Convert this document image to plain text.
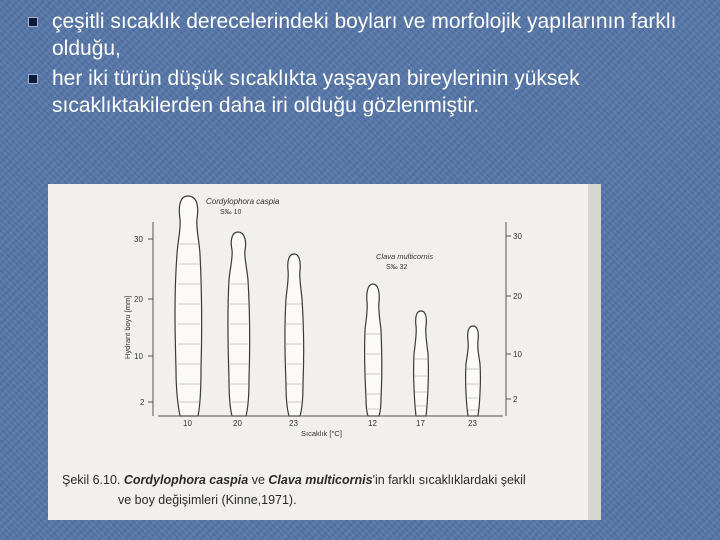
çeşitli sıcaklık derecelerindeki boyları ve morfolojik yapılarının farklı olduğu,
her iki türün düşük sıcaklıkta yaşayan bireylerinin yüksek sıcaklıktakilerden daha iri olduğu gözlenmiştir.
30
20
10
2
30
20
10
2
Hydrant boyu [mm]
Cordylophora caspia
S‰ 10
Clava multicornis
S‰ 32
10	20	23	12	17	23
Sıcaklık [°C]
Şekil 6.10. Cordylophora caspia ve Clava multicornis'in farklı sıcaklıklardaki şekil
ve boy değişimleri (Kinne,1971).
